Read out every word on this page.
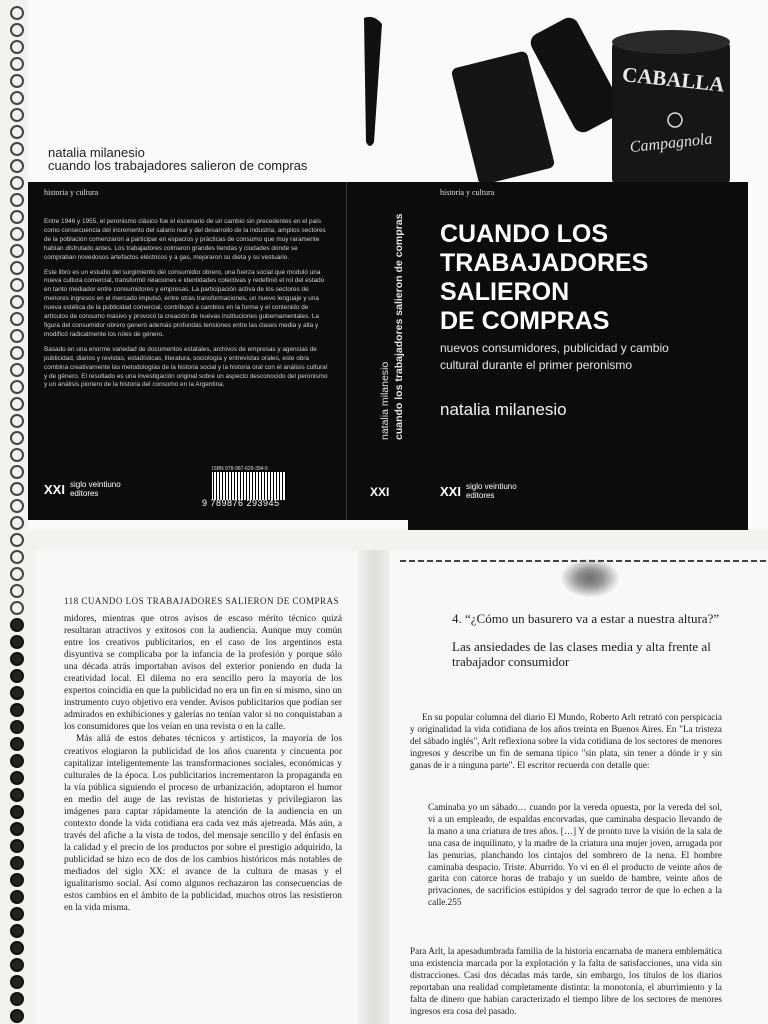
natalia milanesio
cuando los trabajadores salieron de compras
CABALLA
Campagnola
historia y cultura

Entre 1946 y 1955, el peronismo clásico fue el escenario de un cambio sin precedentes en el país como consecuencia del incremento del salario real y del desarrollo de la industria, amplios sectores de la población comenzaron a participar en espacios y prácticas de consumo que muy raramente habían disfrutado antes. Los trabajadores colmaron grandes tiendas y ciudades donde se compraban novedosos artefactos eléctricos y a gas, mejoraron su dieta y su vestuario.

Este libro es un estudio del surgimiento del consumidor obrero, una fuerza social que moduló una nueva cultura comercial, transformó relaciones e identidades colectivas y redefinió el rol del estado en tanto mediador entre consumidores y empresas. La participación activa de los sectores de menores ingresos en el mercado impulsó, entre otras transformaciones, un nuevo lenguaje y una nueva estética de la publicidad comercial, contribuyó a cambios en la forma y el contenido de artículos de consumo masivo y provocó la creación de nuevas instituciones gubernamentales. La figura del consumidor obrero generó además profundas tensiones entre las clases media y alta y modificó radicalmente los roles de género.

Basado en una enorme variedad de documentos estatales, archivos de empresas y agencias de publicidad, diarios y revistas, estadísticas, literatura, sociología y entrevistas orales, este obra combina creativamente las metodologías de la historia social y la historia oral con el análisis cultural y de género. El resultado es una investigación original sobre un aspecto desconocido del peronismo y un análisis pionero de la historia del consumo en la Argentina.

ISBN 978-987-629-394-5
9 789876 293945
XXI siglo veintiuno
editores
natalia milanesio cuando los trabajadores salieron de compras
XXI
historia y cultura
CUANDO LOS
TRABAJADORES
SALIERON
DE COMPRAS
nuevos consumidores, publicidad y cambio
cultural durante el primer peronismo
natalia milanesio
XXI siglo veintiuno
editores
118 CUANDO LOS TRABAJADORES SALIERON DE COMPRAS

midores, mientras que otros avisos de escaso mérito técnico quizá resultaran atractivos y exitosos con la audiencia. Aunque muy común entre los creativos publicitarios, en el caso de los argentinos esta disyuntiva se complicaba por la infancia de la profesión y porque sólo una década atrás importaban avisos del exterior poniendo en duda la creatividad local. El dilema no era sencillo pero la mayoría de los expertos coincidía en que la publicidad no era un fin en sí mismo, sino un instrumento cuyo objetivo era vender. Avisos publicitarios que podían ser admirados en exhibiciones y galerías no tenían valor si no conquistaban a los consumidores que los veían en una revista o en la calle.

Más allá de estos debates técnicos y artísticos, la mayoría de los creativos elogiaron la publicidad de los años cuarenta y cincuenta por capitalizar inteligentemente las transformaciones sociales, económicas y culturales de la época. Los publicitarios incrementaron la propaganda en la vía pública siguiendo el proceso de urbanización, adoptaron el humor en medio del auge de las revistas de historietas y privilegiaron las imágenes para captar rápidamente la atención de la audiencia en un contexto donde la vida cotidiana era cada vez más ajetreada. Más aún, a través del afiche a la vista de todos, del mensaje sencillo y del énfasis en la calidad y el precio de los productos por sobre el prestigio adquirido, la publicidad se hizo eco de dos de los cambios históricos más notables de mediados del siglo XX: el avance de la cultura de masas y el igualitarismo social. Así como algunos rechazaron las consecuencias de estos cambios en el ámbito de la publicidad, muchos otros las resistieron en la vida misma.

4. “¿Cómo un basurero va a estar a nuestra altura?”
Las ansiedades de las clases media y alta frente al trabajador consumidor

En su popular columna del diario El Mundo, Roberto Arlt retrató con perspicacia y originalidad la vida cotidiana de los años treinta en Buenos Aires. En "La tristeza del sábado inglés", Arlt reflexiona sobre la vida cotidiana de los sectores de menores ingresos y describe un fin de semana típico "sin plata, sin tener a dónde ir y sin ganas de ir a ninguna parte". El escritor recuerda con detalle que:

Caminaba yo un sábado… cuando por la vereda opuesta, por la vereda del sol, vi a un empleado, de espaldas encorvadas, que caminaba despacio llevando de la mano a una criatura de tres años. […] Y de pronto tuve la visión de la sala de una casa de inquilinato, y la madre de la criatura una mujer joven, arrugada por las penurias, planchando los cintajos del sombrero de la nena. El hombre caminaba despacio. Triste. Aburrido. Yo vi en él el producto de veinte años de garita con catorce horas de trabajo y un sueldo de hambre, veinte años de privaciones, de sacrificios estúpidos y del sagrado terror de que lo echen a la calle.255

Para Arlt, la apesadumbrada familia de la historia encarnaba de manera emblemática una existencia marcada por la explotación y la falta de satisfacciones, una vida sin distracciones. Casi dos décadas más tarde, sin embargo, los títulos de los diarios reportaban una realidad completamente distinta: la monotonía, el aburrimiento y la falta de dinero que habían caracterizado el tiempo libre de los sectores de menores ingresos era cosa del pasado.
